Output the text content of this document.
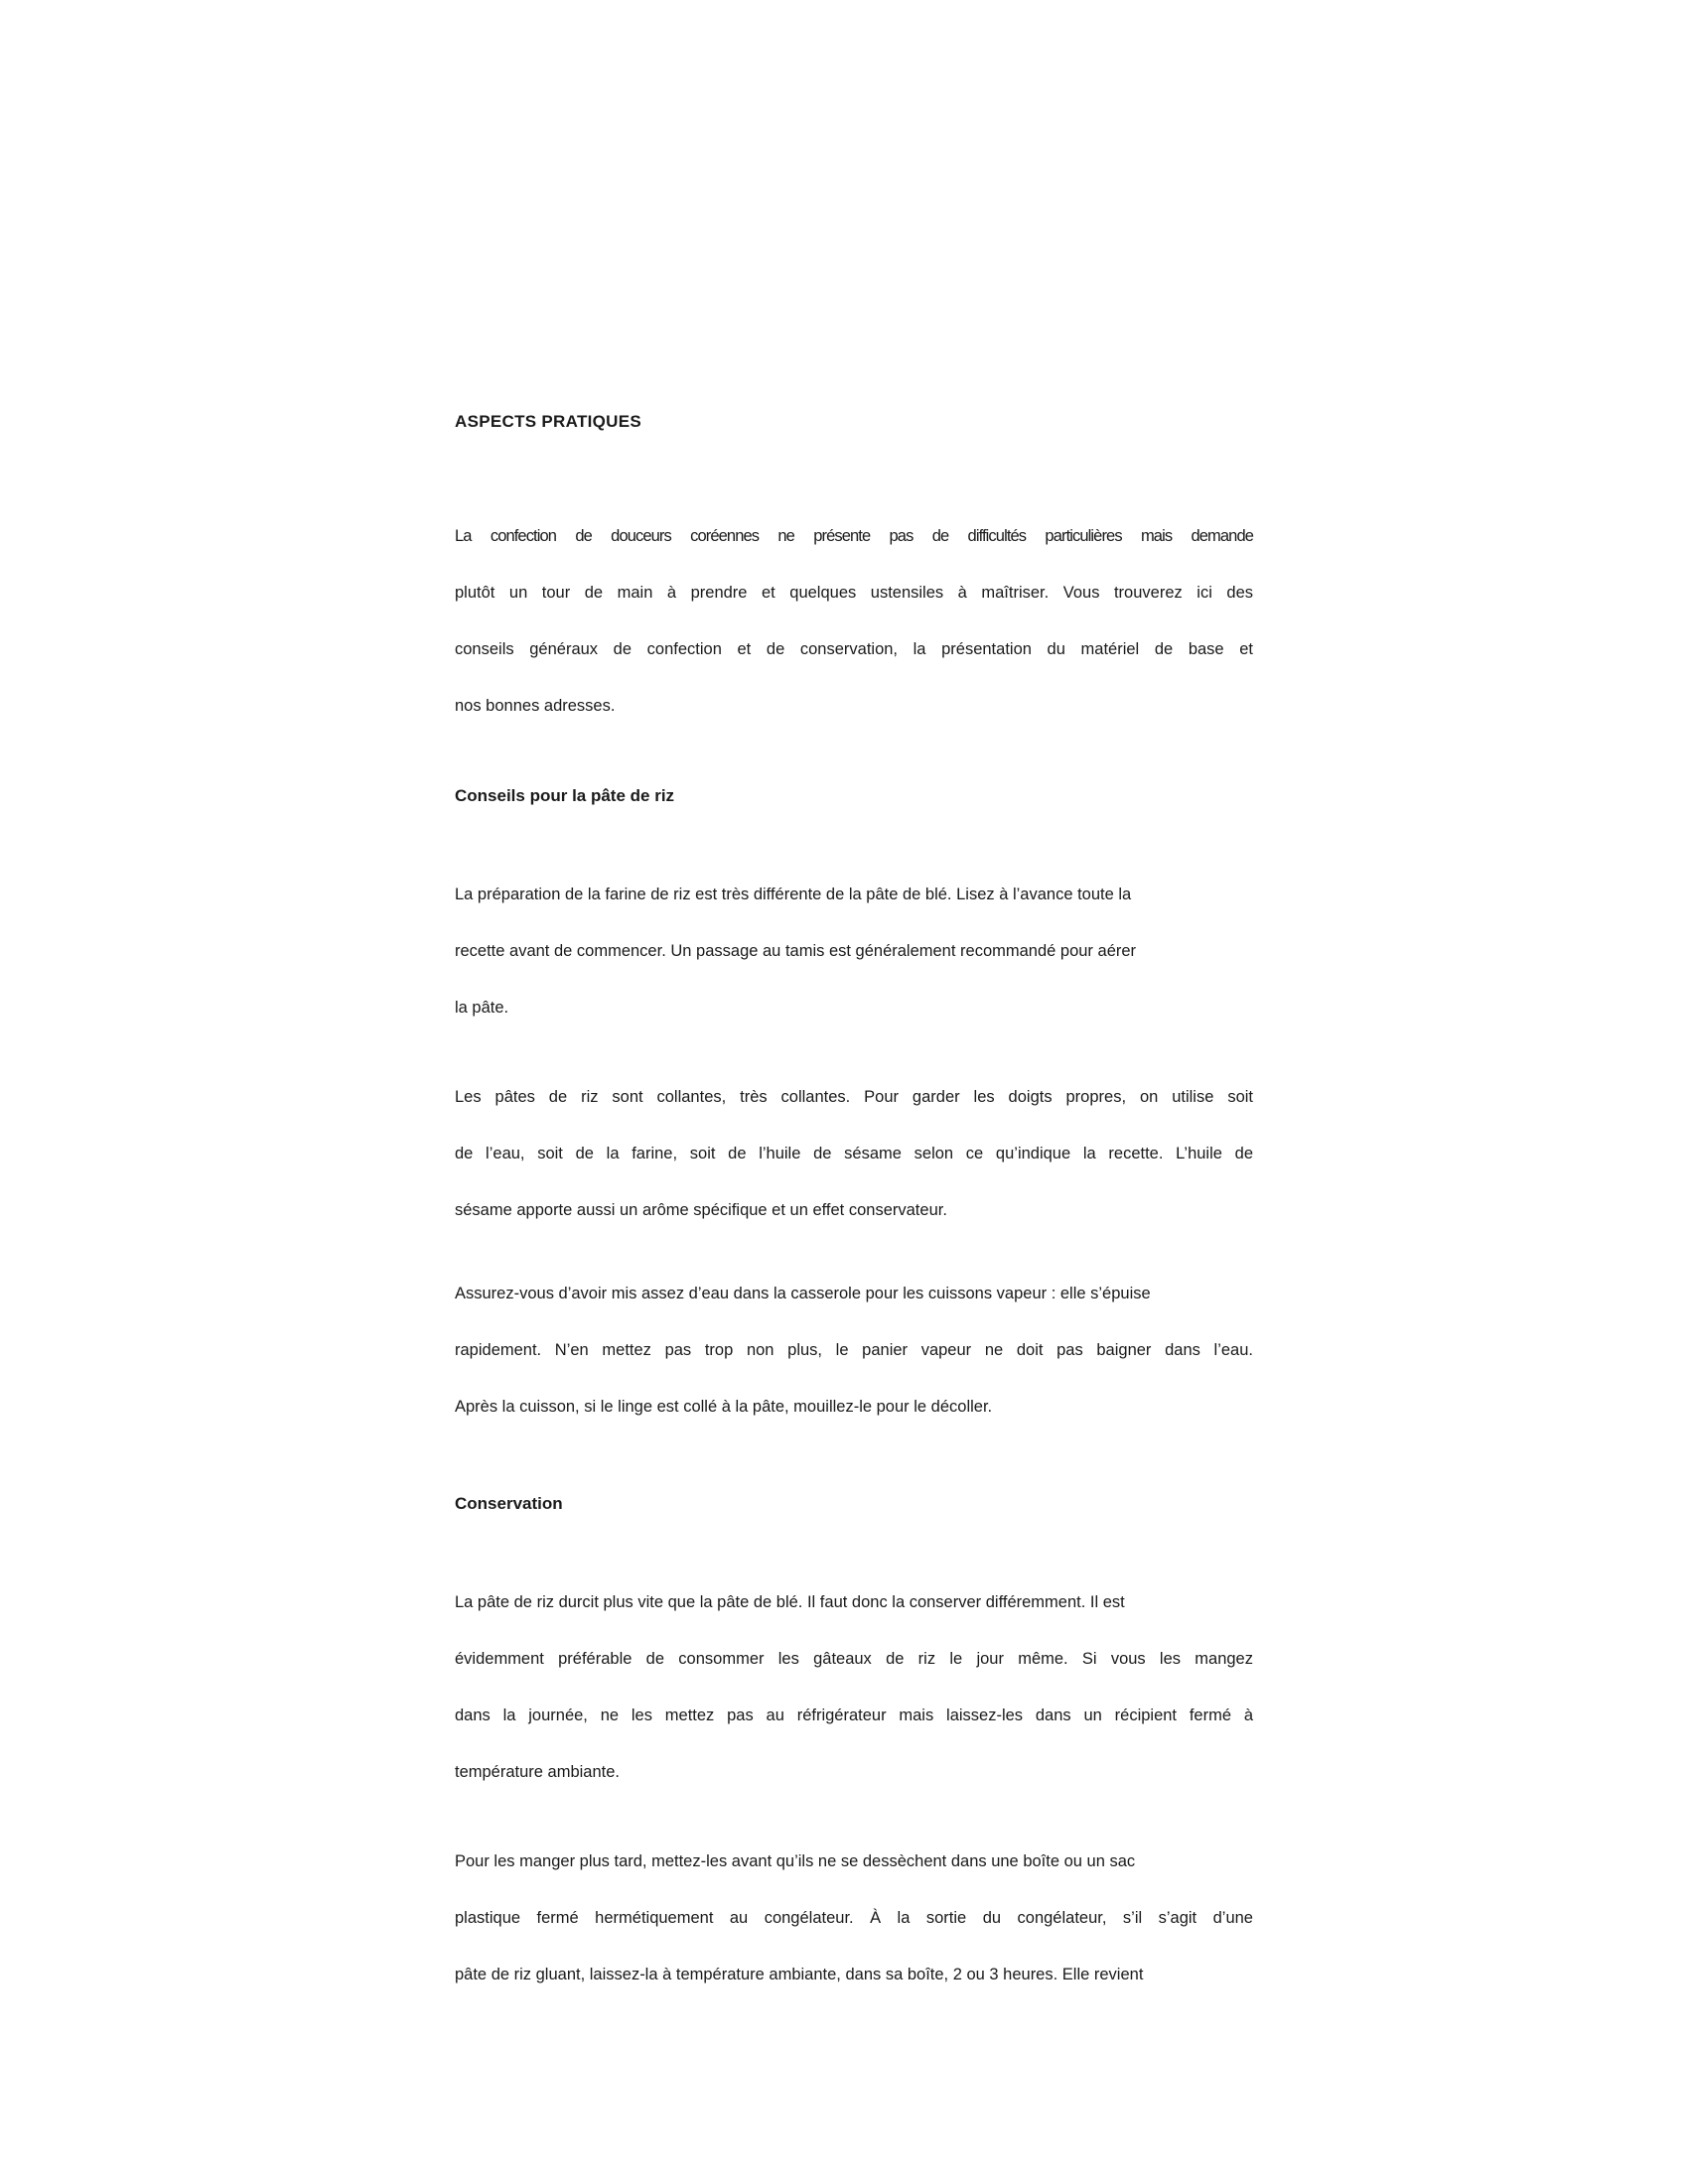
ASPECTS PRATIQUES

La confection de douceurs coréennes ne présente pas de difficultés particulières mais demande
plutôt un tour de main à prendre et quelques ustensiles à maîtriser. Vous trouverez ici des
conseils généraux de confection et de conservation, la présentation du matériel de base et
nos bonnes adresses.

Conseils pour la pâte de riz

La préparation de la farine de riz est très différente de la pâte de blé. Lisez à l’avance toute la
recette avant de commencer. Un passage au tamis est généralement recommandé pour aérer
la pâte.

Les pâtes de riz sont collantes, très collantes. Pour garder les doigts propres, on utilise soit
de l’eau, soit de la farine, soit de l’huile de sésame selon ce qu’indique la recette. L’huile de
sésame apporte aussi un arôme spécifique et un effet conservateur.

Assurez-vous d’avoir mis assez d’eau dans la casserole pour les cuissons vapeur : elle s’épuise
rapidement. N’en mettez pas trop non plus, le panier vapeur ne doit pas baigner dans l’eau.
Après la cuisson, si le linge est collé à la pâte, mouillez-le pour le décoller.

Conservation

La pâte de riz durcit plus vite que la pâte de blé. Il faut donc la conserver différemment. Il est
évidemment préférable de consommer les gâteaux de riz le jour même. Si vous les mangez
dans la journée, ne les mettez pas au réfrigérateur mais laissez-les dans un récipient fermé à
température ambiante.

Pour les manger plus tard, mettez-les avant qu’ils ne se dessèchent dans une boîte ou un sac
plastique fermé hermétiquement au congélateur. À la sortie du congélateur, s’il s’agit d’une
pâte de riz gluant, laissez-la à température ambiante, dans sa boîte, 2 ou 3 heures. Elle revient
